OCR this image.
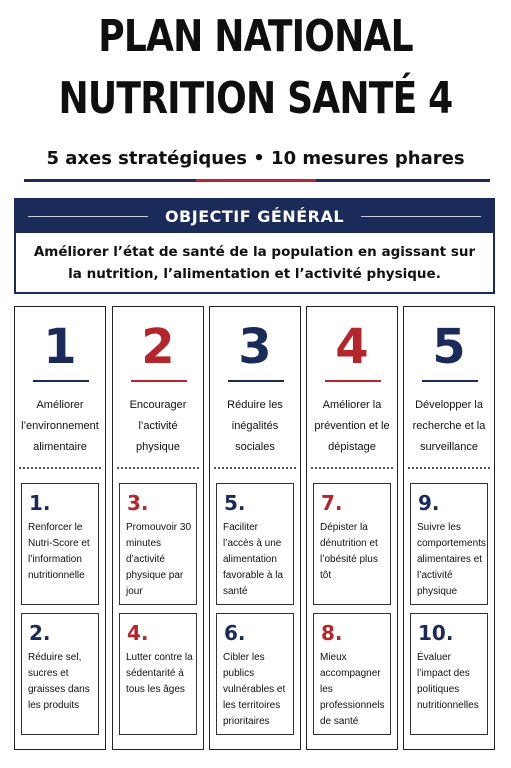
PLAN NATIONAL
NUTRITION SANTÉ 4
5 axes stratégiques • 10 mesures phares
OBJECTIF GÉNÉRAL
Améliorer l’état de santé de la population en agissant sur la nutrition, l’alimentation et l’activité physique.
1
Améliorer l’environnement alimentaire
1.
Renforcer le Nutri-Score et l’information nutritionnelle
2.
Réduire sel, sucres et graisses dans les produits
2
Encourager l’activité physique
3.
Promouvoir 30 minutes d’activité physique par jour
4.
Lutter contre la sédentarité à tous les âges
3
Réduire les inégalités sociales
5.
Faciliter l’accès à une alimentation favorable à la santé
6.
Cibler les publics vulnérables et les territoires prioritaires
4
Améliorer la prévention et le dépistage
7.
Dépister la dénutrition et l’obésité plus tôt
8.
Mieux accompagner les professionnels de santé
5
Développer la recherche et la surveillance
9.
Suivre les comportements alimentaires et l’activité physique
10.
Évaluer l’impact des politiques nutritionnelles
